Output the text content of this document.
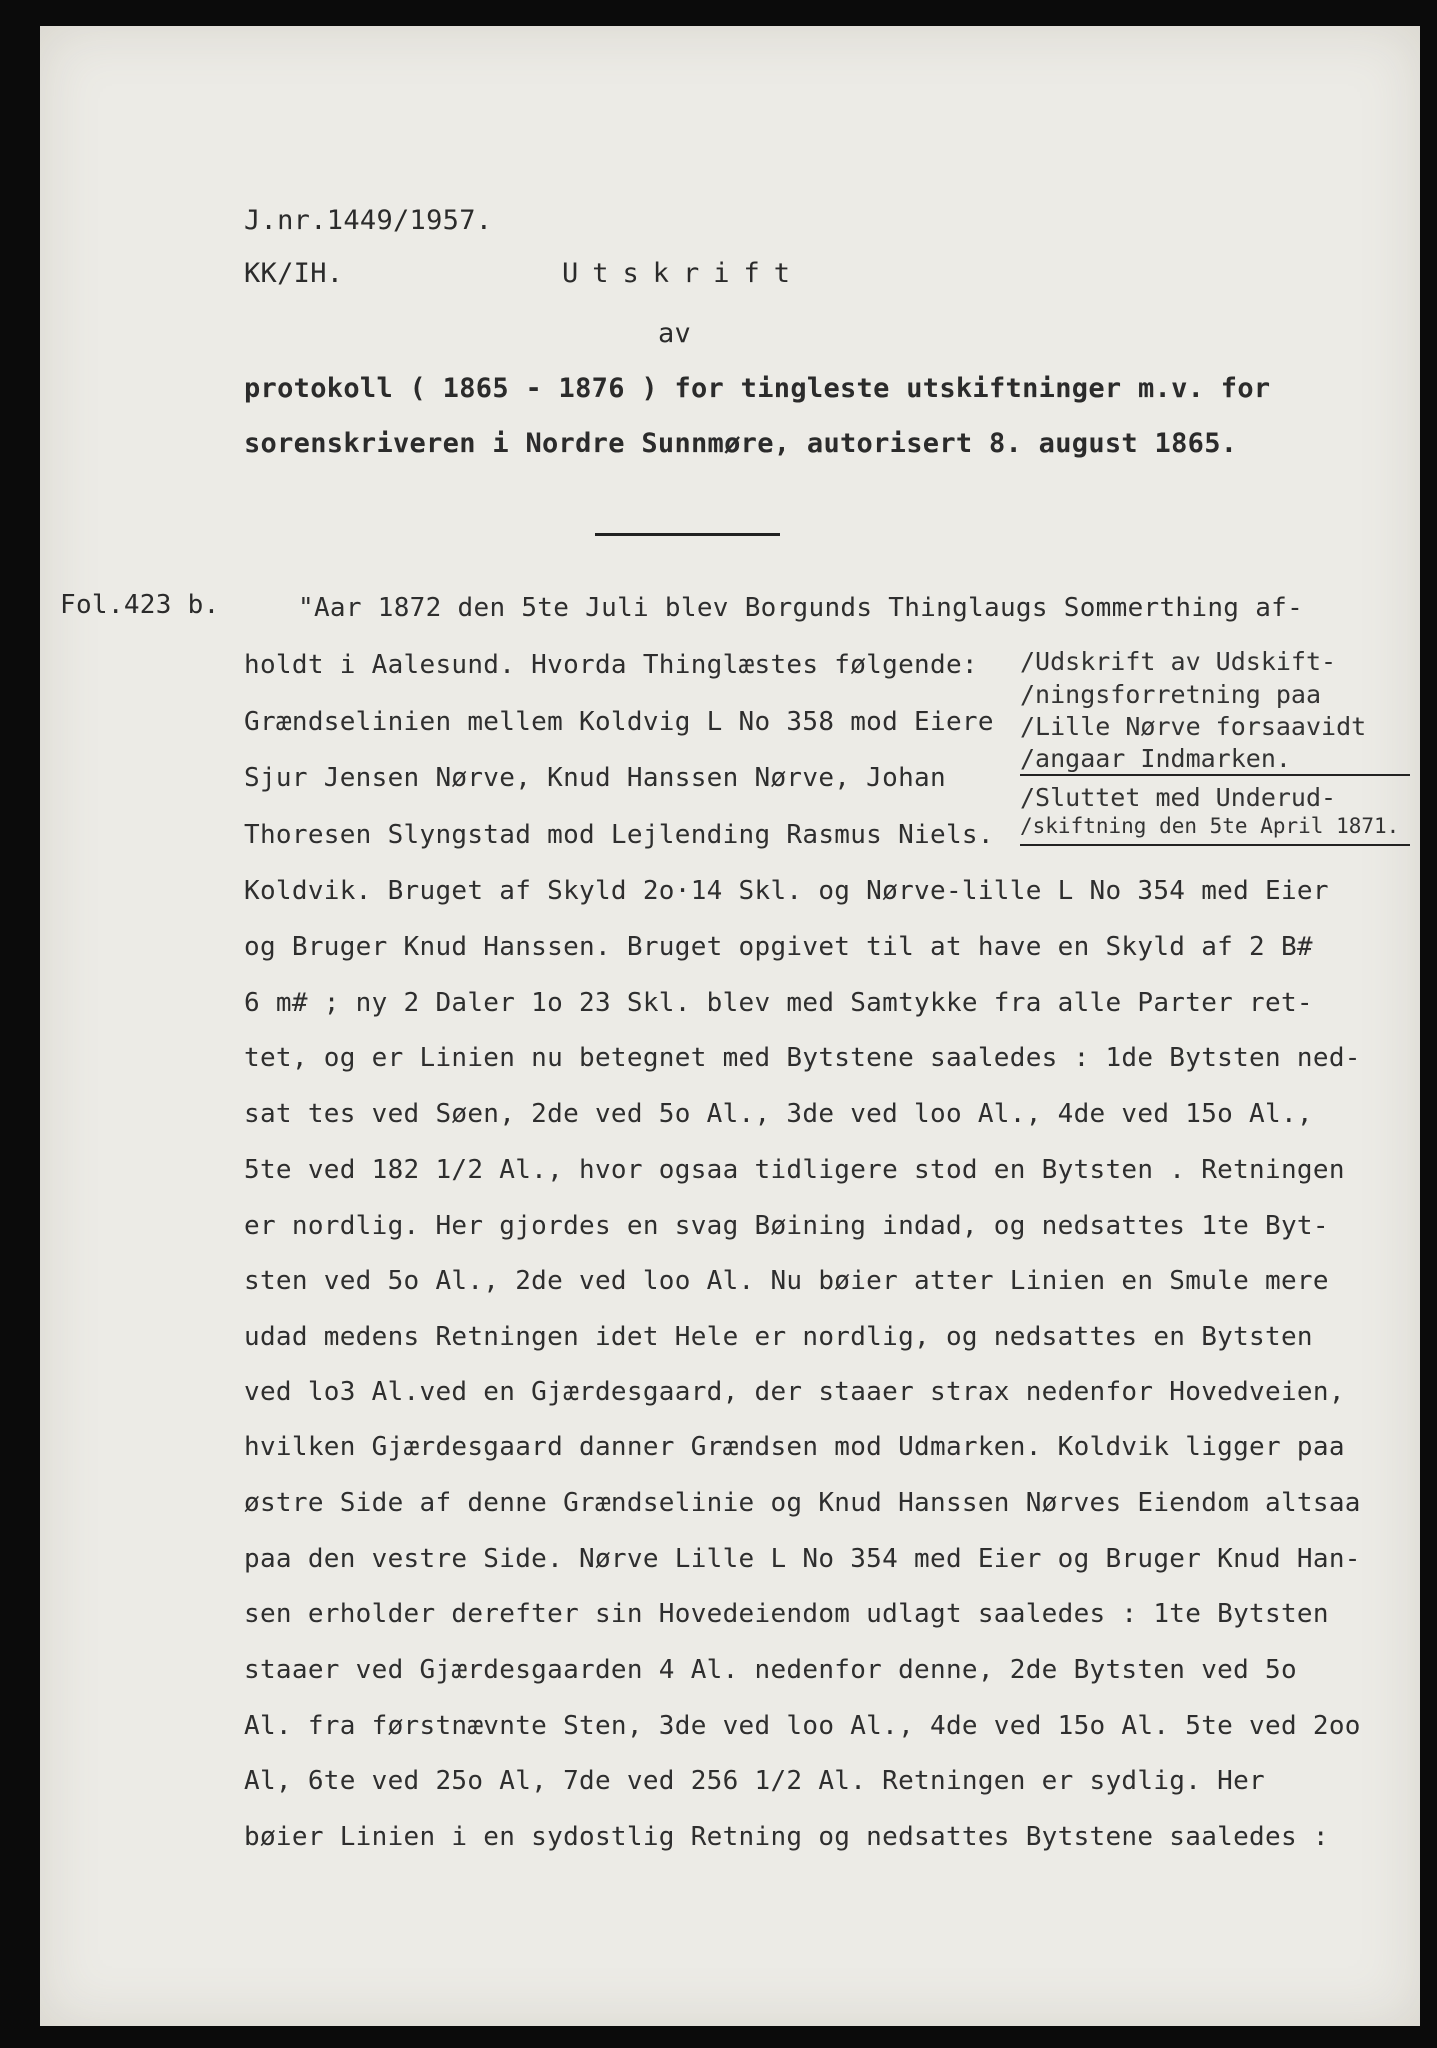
J.nr.1449/1957.
KK/IH.	Utskrift
av
protokoll ( 1865 - 1876 ) for tingleste utskiftninger m.v. for
sorenskriveren i Nordre Sunnmøre, autorisert 8. august 1865.
Fol.423 b.
/Udskrift av Udskift-
/ningsforretning paa
/Lille Nørve forsaavidt
/angaar Indmarken.
/Sluttet med Underud-
/skiftning den 5te April 1871.
"Aar 1872 den 5te Juli blev Borgunds Thinglaugs Sommerthing af-
holdt i Aalesund. Hvorda Thinglæstes følgende:
Grændselinien mellem Koldvig L No 358 mod Eiere
Sjur Jensen Nørve, Knud Hanssen Nørve, Johan
Thoresen Slyngstad mod Lejlending Rasmus Niels.
Koldvik. Bruget af Skyld 2o·14 Skl. og Nørve-lille L No 354 med Eier
og Bruger Knud Hanssen. Bruget opgivet til at have en Skyld af 2 B#
6 m# ; ny 2 Daler 1o 23 Skl. blev med Samtykke fra alle Parter ret-
tet, og er Linien nu betegnet med Bytstene saaledes : 1de Bytsten ned-
sat tes ved Søen, 2de ved 5o Al., 3de ved loo Al., 4de ved 15o Al.,
5te ved 182 1/2 Al., hvor ogsaa tidligere stod en Bytsten . Retningen
er nordlig. Her gjordes en svag Bøining indad, og nedsattes 1te Byt-
sten ved 5o Al., 2de ved loo Al. Nu bøier atter Linien en Smule mere
udad medens Retningen idet Hele er nordlig, og nedsattes en Bytsten
ved lo3 Al.ved en Gjærdesgaard, der staaer strax nedenfor Hovedveien,
hvilken Gjærdesgaard danner Grændsen mod Udmarken. Koldvik ligger paa
østre Side af denne Grændselinie og Knud Hanssen Nørves Eiendom altsaa
paa den vestre Side. Nørve Lille L No 354 med Eier og Bruger Knud Han-
sen erholder derefter sin Hovedeiendom udlagt saaledes : 1te Bytsten
staaer ved Gjærdesgaarden 4 Al. nedenfor denne, 2de Bytsten ved 5o
Al. fra førstnævnte Sten, 3de ved loo Al., 4de ved 15o Al. 5te ved 2oo
Al, 6te ved 25o Al, 7de ved 256 1/2 Al. Retningen er sydlig. Her
bøier Linien i en sydostlig Retning og nedsattes Bytstene saaledes :
